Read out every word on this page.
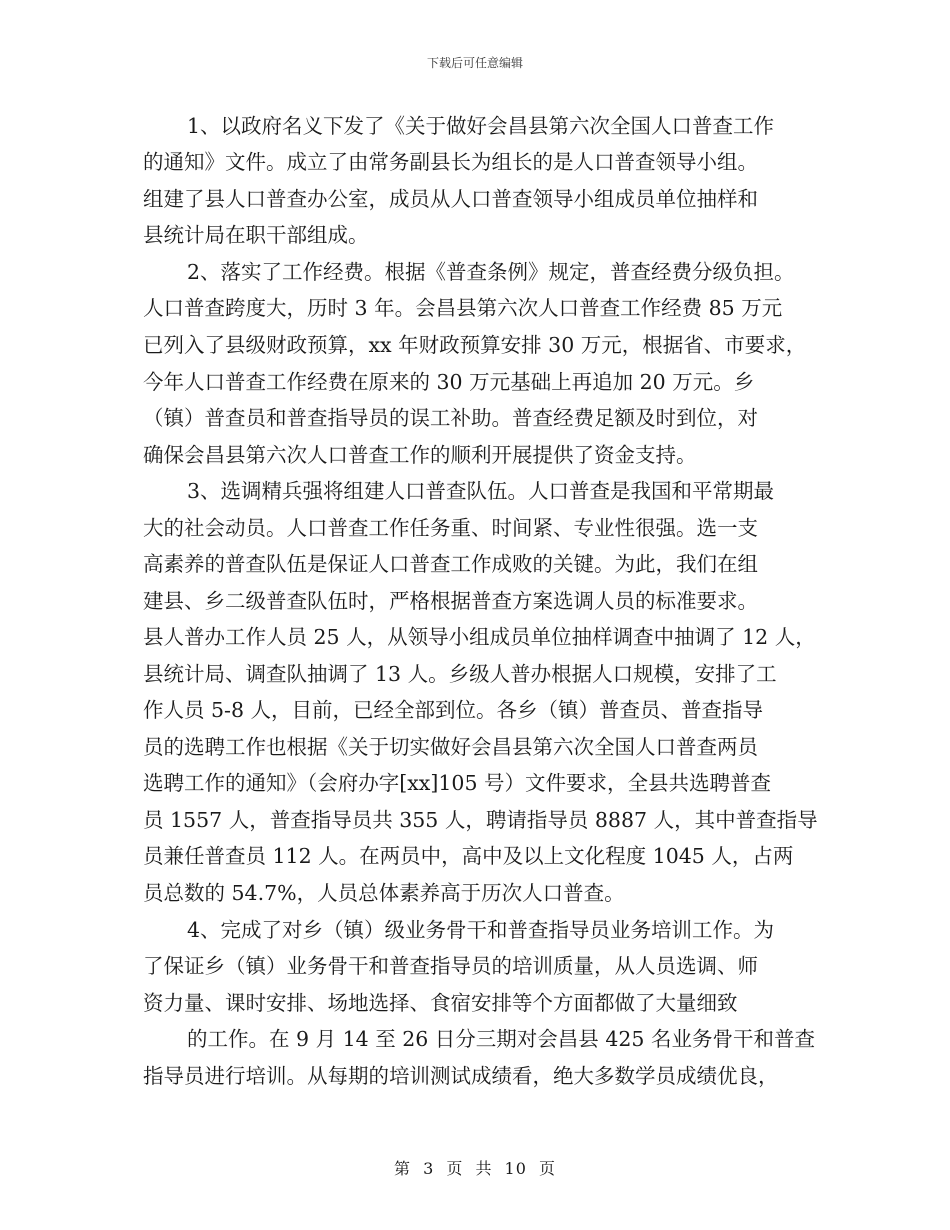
下载后可任意编辑
1、以政府名义下发了《关于做好会昌县第六次全国人口普查工作
的通知》文件。成立了由常务副县长为组长的是人口普查领导小组。
组建了县人口普查办公室，成员从人口普查领导小组成员单位抽样和
县统计局在职干部组成。
2、落实了工作经费。根据《普查条例》规定，普查经费分级负担。
人口普查跨度大，历时 3 年。会昌县第六次人口普查工作经费 85 万元
已列入了县级财政预算，xx 年财政预算安排 30 万元，根据省、市要求，
今年人口普查工作经费在原来的 30 万元基础上再追加 20 万元。乡
（镇）普查员和普查指导员的误工补助。普查经费足额及时到位，对
确保会昌县第六次人口普查工作的顺利开展提供了资金支持。
3、选调精兵强将组建人口普查队伍。人口普查是我国和平常期最
大的社会动员。人口普查工作任务重、时间紧、专业性很强。选一支
高素养的普查队伍是保证人口普查工作成败的关键。为此，我们在组
建县、乡二级普查队伍时，严格根据普查方案选调人员的标准要求。
县人普办工作人员 25 人，从领导小组成员单位抽样调查中抽调了 12 人，
县统计局、调查队抽调了 13 人。乡级人普办根据人口规模，安排了工
作人员 5-8 人，目前，已经全部到位。各乡（镇）普查员、普查指导
员的选聘工作也根据《关于切实做好会昌县第六次全国人口普查两员
选聘工作的通知》（会府办字[xx]105 号）文件要求，全县共选聘普查
员 1557 人，普查指导员共 355 人，聘请指导员 8887 人，其中普查指导
员兼任普查员 112 人。在两员中，高中及以上文化程度 1045 人，占两
员总数的 54.7%，人员总体素养高于历次人口普查。
4、完成了对乡（镇）级业务骨干和普查指导员业务培训工作。为
了保证乡（镇）业务骨干和普查指导员的培训质量，从人员选调、师
资力量、课时安排、场地选择、食宿安排等个方面都做了大量细致
的工作。在 9 月 14 至 26 日分三期对会昌县 425 名业务骨干和普查
指导员进行培训。从每期的培训测试成绩看，绝大多数学员成绩优良，
第 3 页 共 10 页
